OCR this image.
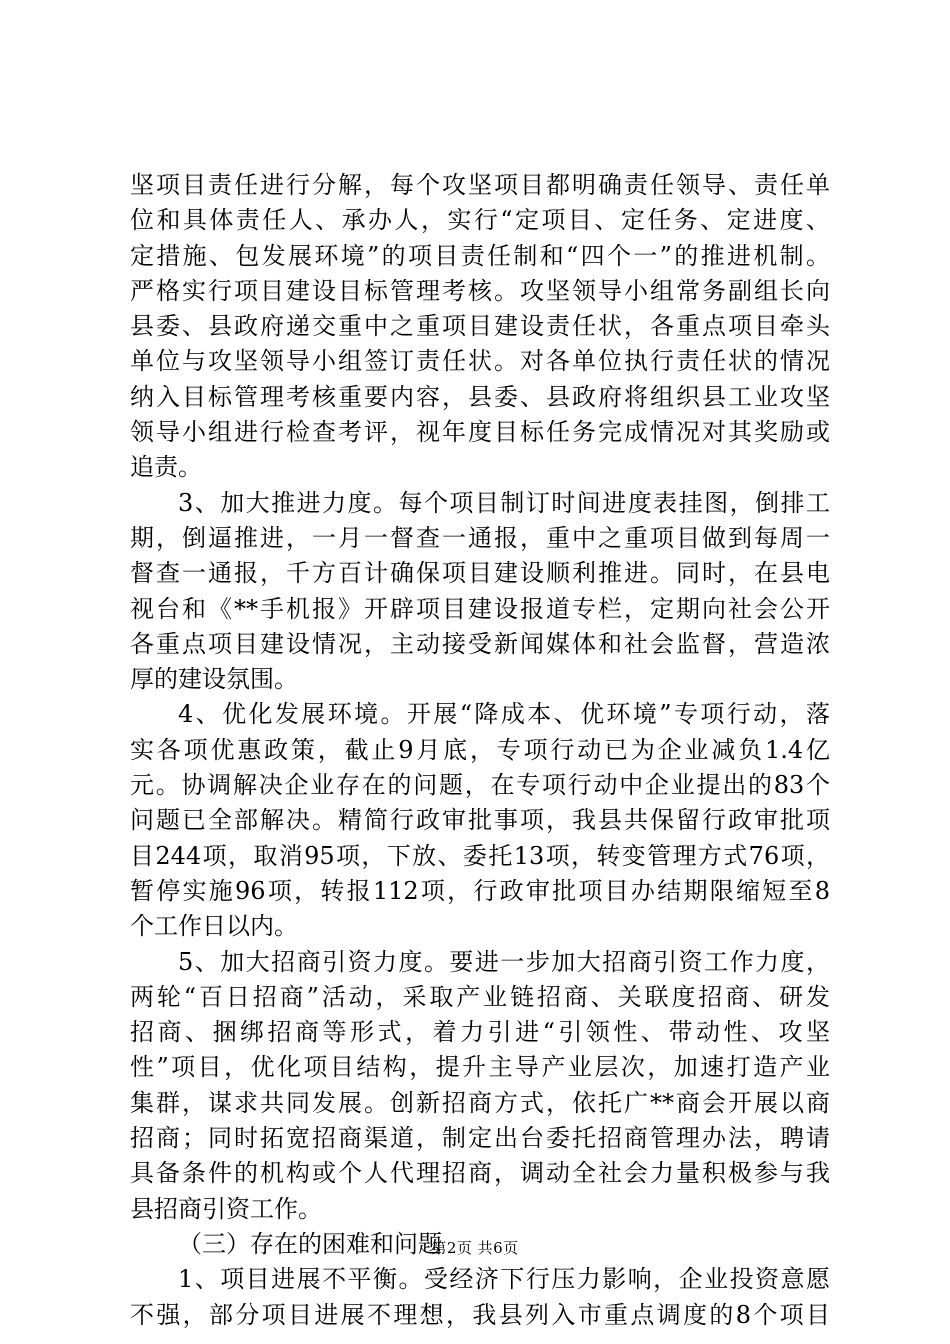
坚项目责任进行分解，每个攻坚项目都明确责任领导、责任单
位和具体责任人、承办人，实行“定项目、定任务、定进度、
定措施、包发展环境”的项目责任制和“四个一”的推进机制。
严格实行项目建设目标管理考核。攻坚领导小组常务副组长向
县委、县政府递交重中之重项目建设责任状，各重点项目牵头
单位与攻坚领导小组签订责任状。对各单位执行责任状的情况
纳入目标管理考核重要内容，县委、县政府将组织县工业攻坚
领导小组进行检查考评，视年度目标任务完成情况对其奖励或
追责。
3、加大推进力度。每个项目制订时间进度表挂图，倒排工
期，倒逼推进，一月一督查一通报，重中之重项目做到每周一
督查一通报，千方百计确保项目建设顺利推进。同时，在县电
视台和《**手机报》开辟项目建设报道专栏，定期向社会公开
各重点项目建设情况，主动接受新闻媒体和社会监督，营造浓
厚的建设氛围。
4、优化发展环境。开展“降成本、优环境”专项行动，落
实各项优惠政策，截止9月底，专项行动已为企业减负1.4亿
元。协调解决企业存在的问题，在专项行动中企业提出的83个
问题已全部解决。精简行政审批事项，我县共保留行政审批项
目244项，取消95项，下放、委托13项，转变管理方式76项，
暂停实施96项，转报112项，行政审批项目办结期限缩短至8
个工作日以内。
5、加大招商引资力度。要进一步加大招商引资工作力度，
两轮“百日招商”活动，采取产业链招商、关联度招商、研发
招商、捆绑招商等形式，着力引进“引领性、带动性、攻坚
性”项目，优化项目结构，提升主导产业层次，加速打造产业
集群，谋求共同发展。创新招商方式，依托广**商会开展以商
招商；同时拓宽招商渠道，制定出台委托招商管理办法，聘请
具备条件的机构或个人代理招商，调动全社会力量积极参与我
县招商引资工作。
（三）存在的困难和问题
1、项目进展不平衡。受经济下行压力影响，企业投资意愿
不强，部分项目进展不理想，我县列入市重点调度的8个项目
第2页 共6页
